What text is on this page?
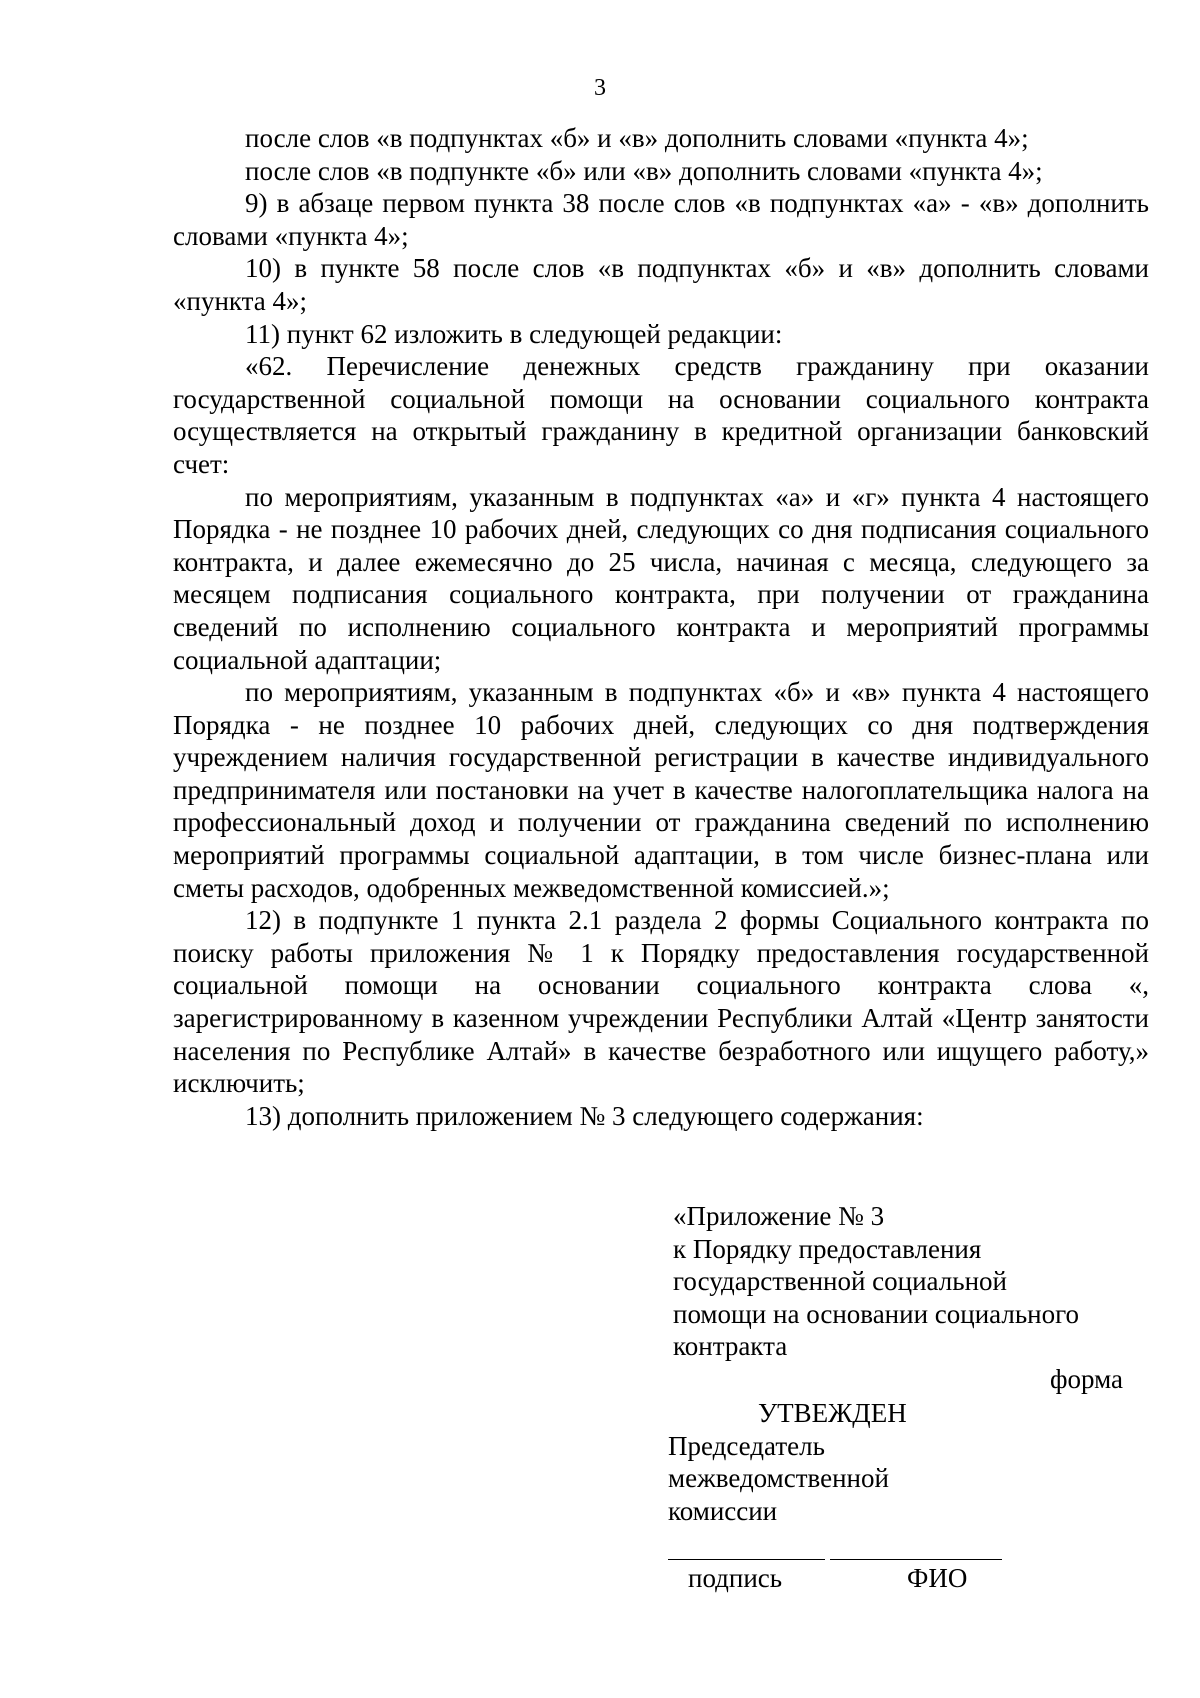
3

после слов «в подпунктах «б» и «в» дополнить словами «пункта 4»;

после слов «в подпункте «б» или «в» дополнить словами «пункта 4»;

9) в абзаце первом пункта 38 после слов «в подпунктах «а» - «в» дополнить словами «пункта 4»;

10) в пункте 58 после слов «в подпунктах «б» и «в» дополнить словами «пункта 4»;

11) пункт 62 изложить в следующей редакции:

«62. Перечисление денежных средств гражданину при оказании государственной социальной помощи на основании социального контракта осуществляется на открытый гражданину в кредитной организации банковский счет:

по мероприятиям, указанным в подпунктах «а» и «г» пункта 4 настоящего Порядка - не позднее 10 рабочих дней, следующих со дня подписания социального контракта, и далее ежемесячно до 25 числа, начиная с месяца, следующего за месяцем подписания социального контракта, при получении от гражданина сведений по исполнению социального контракта и мероприятий программы социальной адаптации;

по мероприятиям, указанным в подпунктах «б» и «в» пункта 4 настоящего Порядка - не позднее 10 рабочих дней, следующих со дня подтверждения учреждением наличия государственной регистрации в качестве индивидуального предпринимателя или постановки на учет в качестве налогоплательщика налога на профессиональный доход и получении от гражданина сведений по исполнению мероприятий программы социальной адаптации, в том числе бизнес-плана или сметы расходов, одобренных межведомственной комиссией.»;

12) в подпункте 1 пункта 2.1 раздела 2 формы Социального контракта по поиску работы приложения № 1 к Порядку предоставления государственной социальной помощи на основании социального контракта слова «, зарегистрированному в казенном учреждении Республики Алтай «Центр занятости населения по Республике Алтай» в качестве безработного или ищущего работу,» исключить;

13) дополнить приложением № 3 следующего содержания:

«Приложение № 3
к Порядку предоставления
государственной социальной
помощи на основании социального
контракта
форма
УТВЕЖДЕН
Председатель
межведомственной
комиссии
подпись	ФИО
